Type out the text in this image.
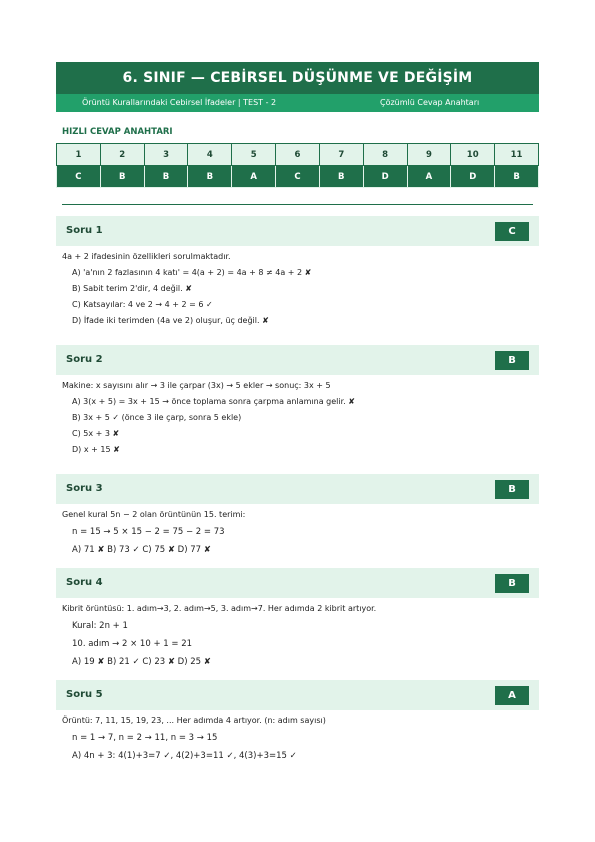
6. SINIF — CEBİRSEL DÜŞÜNME VE DEĞİŞİM
Örüntü Kurallarındaki Cebirsel İfadeler | TEST - 2	Çözümlü Cevap Anahtarı
HIZLI CEVAP ANAHTARI
1	2	3	4	5	6	7	8	9	10	11
C	B	B	B	A	C	B	D	A	D	B
Soru 1	C
4a + 2 ifadesinin özellikleri sorulmaktadır.
A) 'a'nın 2 fazlasının 4 katı' = 4(a + 2) = 4a + 8 ≠ 4a + 2 ✘
B) Sabit terim 2'dir, 4 değil. ✘
C) Katsayılar: 4 ve 2 → 4 + 2 = 6 ✓
D) İfade iki terimden (4a ve 2) oluşur, üç değil. ✘
Soru 2	B
Makine: x sayısını alır → 3 ile çarpar (3x) → 5 ekler → sonuç: 3x + 5
A) 3(x + 5) = 3x + 15 → önce toplama sonra çarpma anlamına gelir. ✘
B) 3x + 5 ✓ (önce 3 ile çarp, sonra 5 ekle)
C) 5x + 3 ✘
D) x + 15 ✘
Soru 3	B
Genel kural 5n − 2 olan örüntünün 15. terimi:
n = 15 → 5 × 15 − 2 = 75 − 2 = 73
A) 71 ✘ B) 73 ✓ C) 75 ✘ D) 77 ✘
Soru 4	B
Kibrit örüntüsü: 1. adım→3, 2. adım→5, 3. adım→7. Her adımda 2 kibrit artıyor.
Kural: 2n + 1
10. adım → 2 × 10 + 1 = 21
A) 19 ✘ B) 21 ✓ C) 23 ✘ D) 25 ✘
Soru 5	A
Örüntü: 7, 11, 15, 19, 23, ... Her adımda 4 artıyor. (n: adım sayısı)
n = 1 → 7, n = 2 → 11, n = 3 → 15
A) 4n + 3: 4(1)+3=7 ✓, 4(2)+3=11 ✓, 4(3)+3=15 ✓
